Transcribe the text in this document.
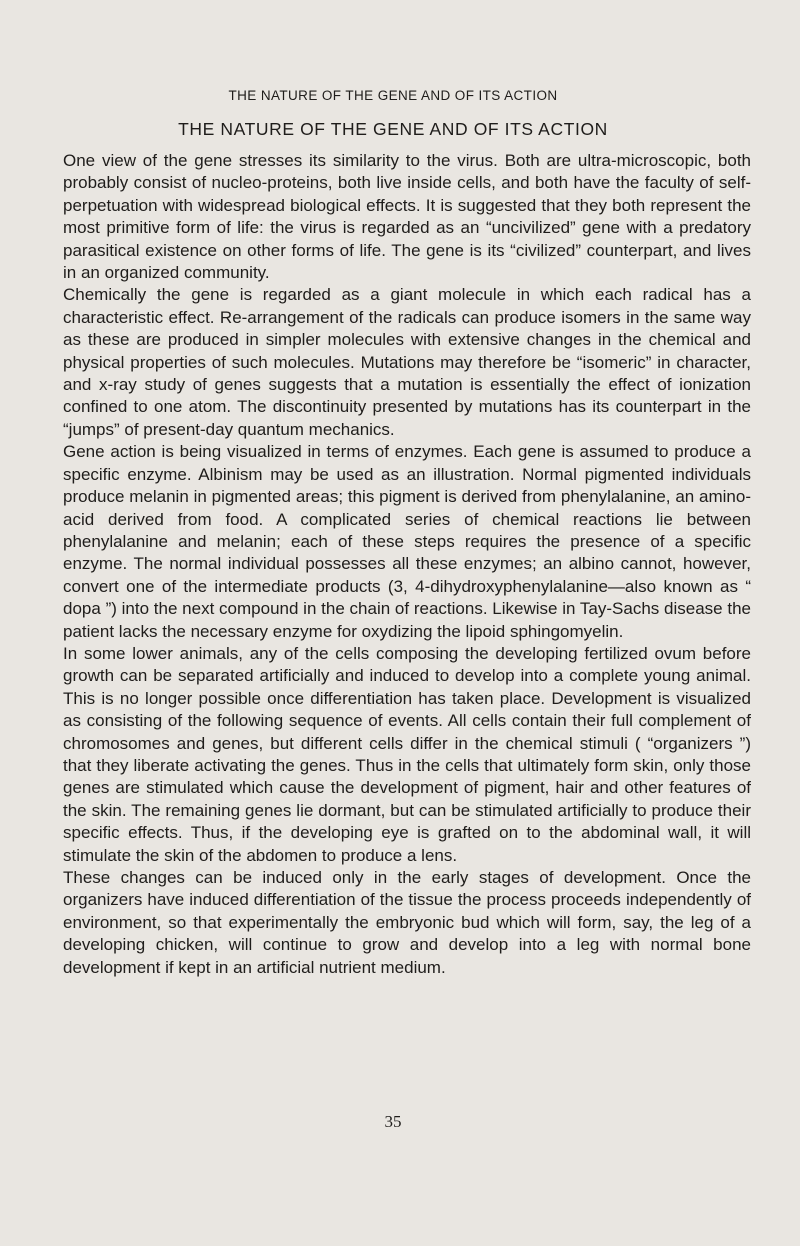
THE NATURE OF THE GENE AND OF ITS ACTION
THE NATURE OF THE GENE AND OF ITS ACTION

One view of the gene stresses its similarity to the virus. Both are ultra-microscopic, both probably consist of nucleo-proteins, both live inside cells, and both have the faculty of self-perpetuation with widespread biological effects. It is suggested that they both represent the most primitive form of life: the virus is regarded as an “uncivilized” gene with a predatory parasitical existence on other forms of life. The gene is its “civilized” counterpart, and lives in an organized community.

Chemically the gene is regarded as a giant molecule in which each radical has a characteristic effect. Re-arrangement of the radicals can produce isomers in the same way as these are produced in simpler molecules with extensive changes in the chemical and physical properties of such molecules. Mutations may therefore be “isomeric” in character, and x-ray study of genes suggests that a mutation is essentially the effect of ionization confined to one atom. The discontinuity presented by mutations has its counterpart in the “jumps” of present-day quantum mechanics.

Gene action is being visualized in terms of enzymes. Each gene is assumed to produce a specific enzyme. Albinism may be used as an illustration. Normal pigmented individuals produce melanin in pigmented areas; this pigment is derived from phenylalanine, an amino-acid derived from food. A complicated series of chemical reactions lie between phenylalanine and melanin; each of these steps requires the presence of a specific enzyme. The normal individual possesses all these enzymes; an albino cannot, however, convert one of the intermediate products (3, 4-dihydroxyphenylalanine—also known as “ dopa ”) into the next compound in the chain of reactions. Likewise in Tay-Sachs disease the patient lacks the necessary enzyme for oxydizing the lipoid sphingomyelin.

In some lower animals, any of the cells composing the developing fertilized ovum before growth can be separated artificially and induced to develop into a complete young animal. This is no longer possible once differentiation has taken place. Development is visualized as consisting of the following sequence of events. All cells contain their full complement of chromosomes and genes, but different cells differ in the chemical stimuli ( “organizers ”) that they liberate activating the genes. Thus in the cells that ultimately form skin, only those genes are stimulated which cause the development of pigment, hair and other features of the skin. The remaining genes lie dormant, but can be stimulated artificially to produce their specific effects. Thus, if the developing eye is grafted on to the abdominal wall, it will stimulate the skin of the abdomen to produce a lens.

These changes can be induced only in the early stages of development. Once the organizers have induced differentiation of the tissue the process proceeds independently of environment, so that experimentally the embryonic bud which will form, say, the leg of a developing chicken, will continue to grow and develop into a leg with normal bone development if kept in an artificial nutrient medium.

35
